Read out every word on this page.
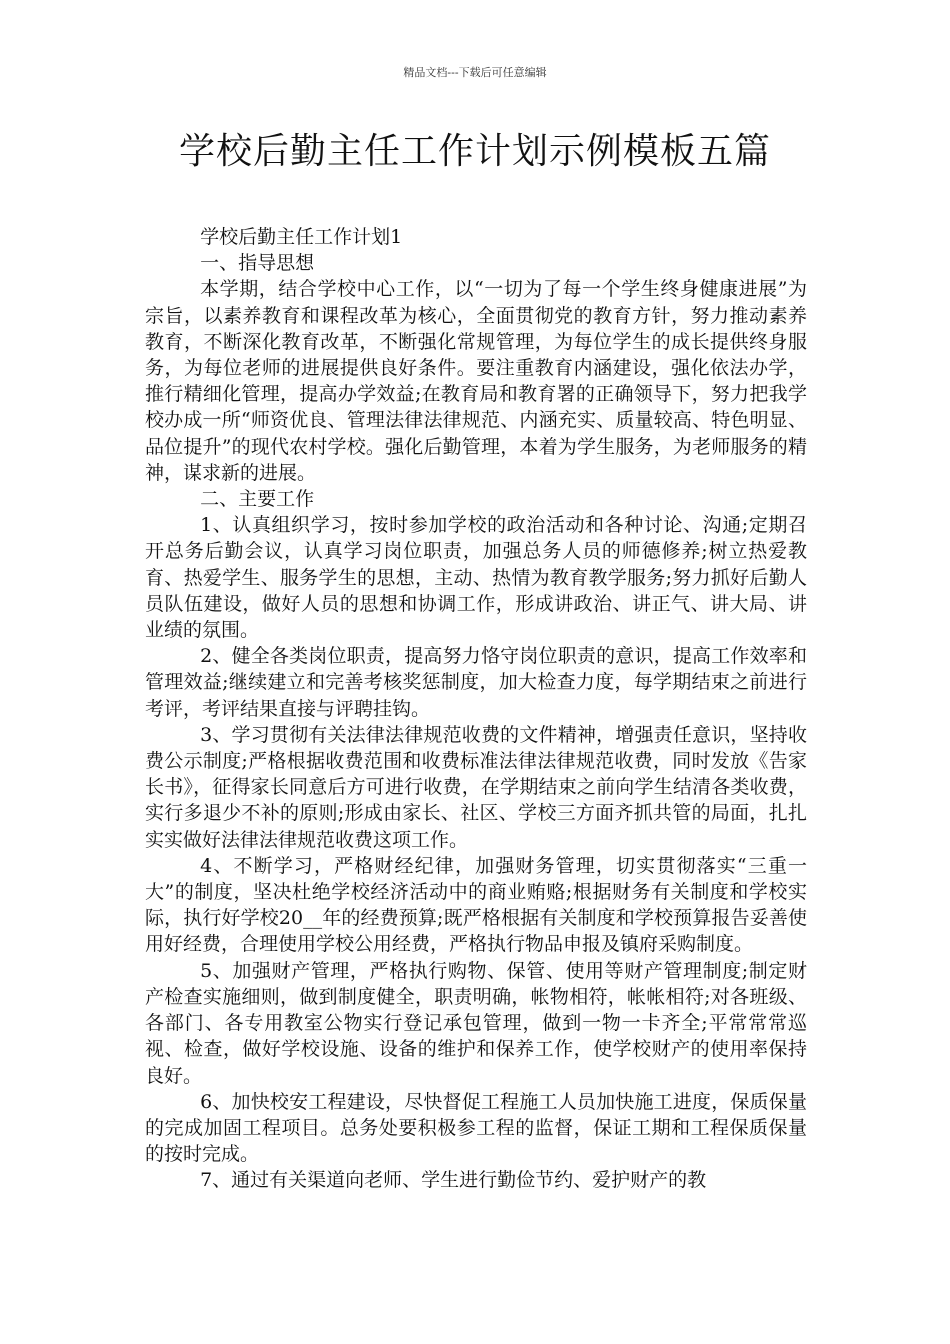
精品文档---下载后可任意编辑
学校后勤主任工作计划示例模板五篇

学校后勤主任工作计划1

一、指导思想

本学期，结合学校中心工作，以“一切为了每一个学生终身健康进展”为宗旨，以素养教育和课程改革为核心，全面贯彻党的教育方针，努力推动素养教育，不断深化教育改革，不断强化常规管理，为每位学生的成长提供终身服务，为每位老师的进展提供良好条件。要注重教育内涵建设，强化依法办学，推行精细化管理，提高办学效益;在教育局和教育署的正确领导下，努力把我学校办成一所“师资优良、管理法律法律规范、内涵充实、质量较高、特色明显、品位提升”的现代农村学校。强化后勤管理，本着为学生服务，为老师服务的精神，谋求新的进展。

二、主要工作

1、认真组织学习，按时参加学校的政治活动和各种讨论、沟通;定期召开总务后勤会议，认真学习岗位职责，加强总务人员的师德修养;树立热爱教育、热爱学生、服务学生的思想，主动、热情为教育教学服务;努力抓好后勤人员队伍建设，做好人员的思想和协调工作，形成讲政治、讲正气、讲大局、讲业绩的氛围。

2、健全各类岗位职责，提高努力恪守岗位职责的意识，提高工作效率和管理效益;继续建立和完善考核奖惩制度，加大检查力度，每学期结束之前进行考评，考评结果直接与评聘挂钩。

3、学习贯彻有关法律法律规范收费的文件精神，增强责任意识，坚持收费公示制度;严格根据收费范围和收费标准法律法律规范收费，同时发放《告家长书》，征得家长同意后方可进行收费，在学期结束之前向学生结清各类收费，实行多退少不补的原则;形成由家长、社区、学校三方面齐抓共管的局面，扎扎实实做好法律法律规范收费这项工作。

4、不断学习，严格财经纪律，加强财务管理，切实贯彻落实“三重一大”的制度，坚决杜绝学校经济活动中的商业贿赂;根据财务有关制度和学校实际，执行好学校20__年的经费预算;既严格根据有关制度和学校预算报告妥善使用好经费，合理使用学校公用经费，严格执行物品申报及镇府采购制度。

5、加强财产管理，严格执行购物、保管、使用等财产管理制度;制定财产检查实施细则，做到制度健全，职责明确，帐物相符，帐帐相符;对各班级、各部门、各专用教室公物实行登记承包管理，做到一物一卡齐全;平常常常巡视、检查，做好学校设施、设备的维护和保养工作，使学校财产的使用率保持良好。

6、加快校安工程建设，尽快督促工程施工人员加快施工进度，保质保量的完成加固工程项目。总务处要积极参工程的监督，保证工期和工程保质保量的按时完成。

7、通过有关渠道向老师、学生进行勤俭节约、爱护财产的教
